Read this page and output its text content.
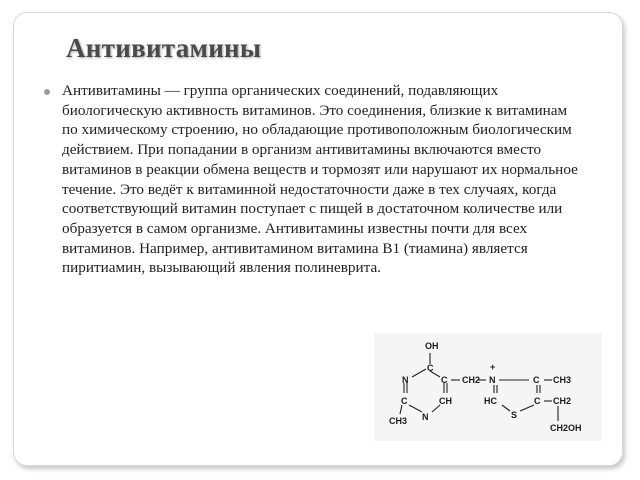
Антивитамины

Антивитамины — группа органических соединений, подавляющих биологическую активность витаминов. Это соединения, близкие к витаминам по химическому строению, но обладающие противоположным биологическим действием. При попадании в организм антивитамины включаются вместо витаминов в реакции обмена веществ и тормозят или нарушают их нормальное течение. Это ведёт к витаминной недостаточности даже в тех случаях, когда соответствующий витамин поступает с пищей в достаточном количестве или образуется в самом организме. Антивитамины известны почти для всех витаминов. Например, антивитамином витамина B1 (тиамина) является пиритиамин, вызывающий явления полиневрита.

OH
C
N	C CH2
+
N	C CH3
C	CH
N
CH3
HC
S
C CH2
CH2OH
